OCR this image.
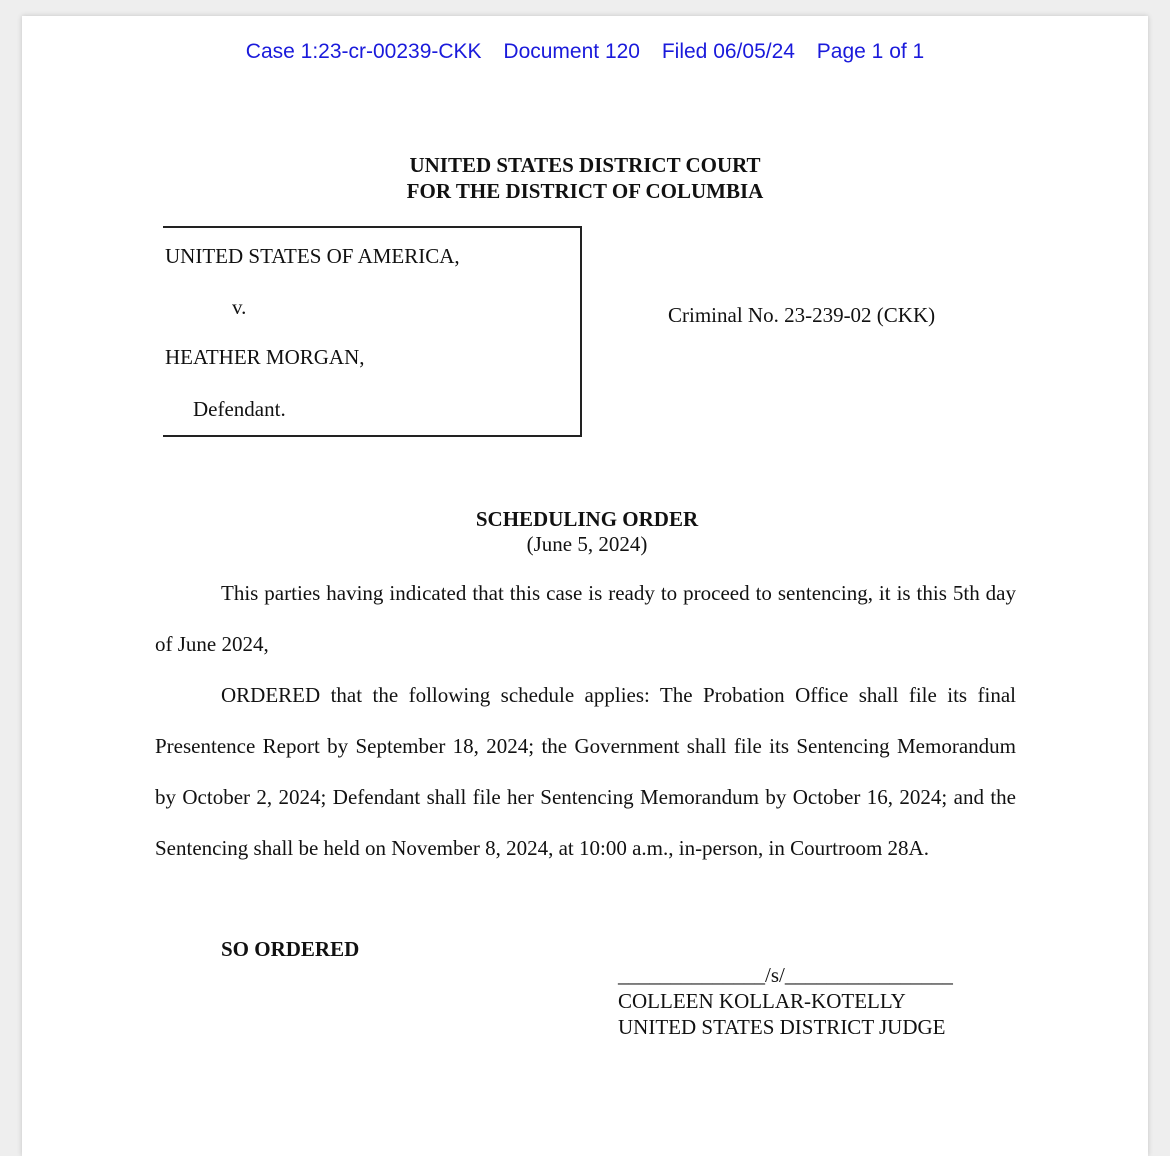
Case 1:23-cr-00239-CKK Document 120 Filed 06/05/24 Page 1 of 1
UNITED STATES DISTRICT COURT
FOR THE DISTRICT OF COLUMBIA
UNITED STATES OF AMERICA,
v.
HEATHER MORGAN,
Defendant.
Criminal No. 23-239-02 (CKK)
SCHEDULING ORDER
(June 5, 2024)
This parties having indicated that this case is ready to proceed to sentencing, it is this 5th day of June 2024,
ORDERED that the following schedule applies: The Probation Office shall file its final Presentence Report by September 18, 2024; the Government shall file its Sentencing Memorandum by October 2, 2024; Defendant shall file her Sentencing Memorandum by October 16, 2024; and the Sentencing shall be held on November 8, 2024, at 10:00 a.m., in-person, in Courtroom 28A.
SO ORDERED
______________/s/________________
COLLEEN KOLLAR-KOTELLY
UNITED STATES DISTRICT JUDGE
